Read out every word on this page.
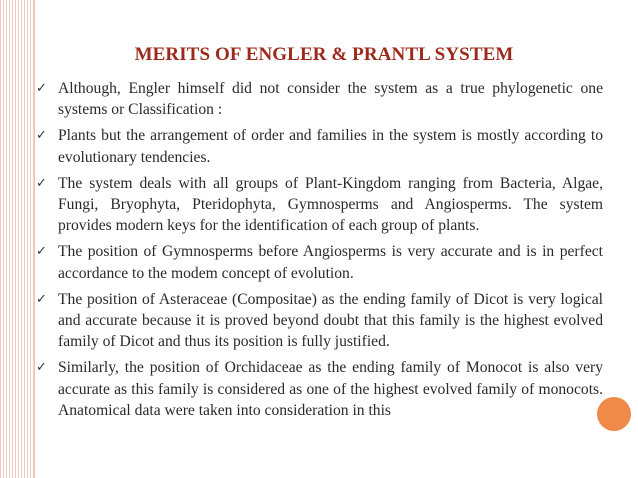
MERITS OF ENGLER & PRANTL SYSTEM
✓ Although, Engler himself did not consider the system as a true phylogenetic one systems or Classification :
✓ Plants but the arrangement of order and families in the system is mostly according to evolutionary tendencies.
✓ The system deals with all groups of Plant-Kingdom ranging from Bacteria, Algae, Fungi, Bryophyta, Pteridophyta, Gymnosperms and Angiosperms. The system provides modern keys for the identification of each group of plants.
✓ The position of Gymnosperms before Angiosperms is very accurate and is in perfect accordance to the modem concept of evolution.
✓ The position of Asteraceae (Compositae) as the ending family of Dicot is very logical and accurate because it is proved beyond doubt that this family is the highest evolved family of Dicot and thus its position is fully justified.
✓ Similarly, the position of Orchidaceae as the ending family of Monocot is also very accurate as this family is considered as one of the highest evolved family of monocots. Anatomical data were taken into consideration in this
